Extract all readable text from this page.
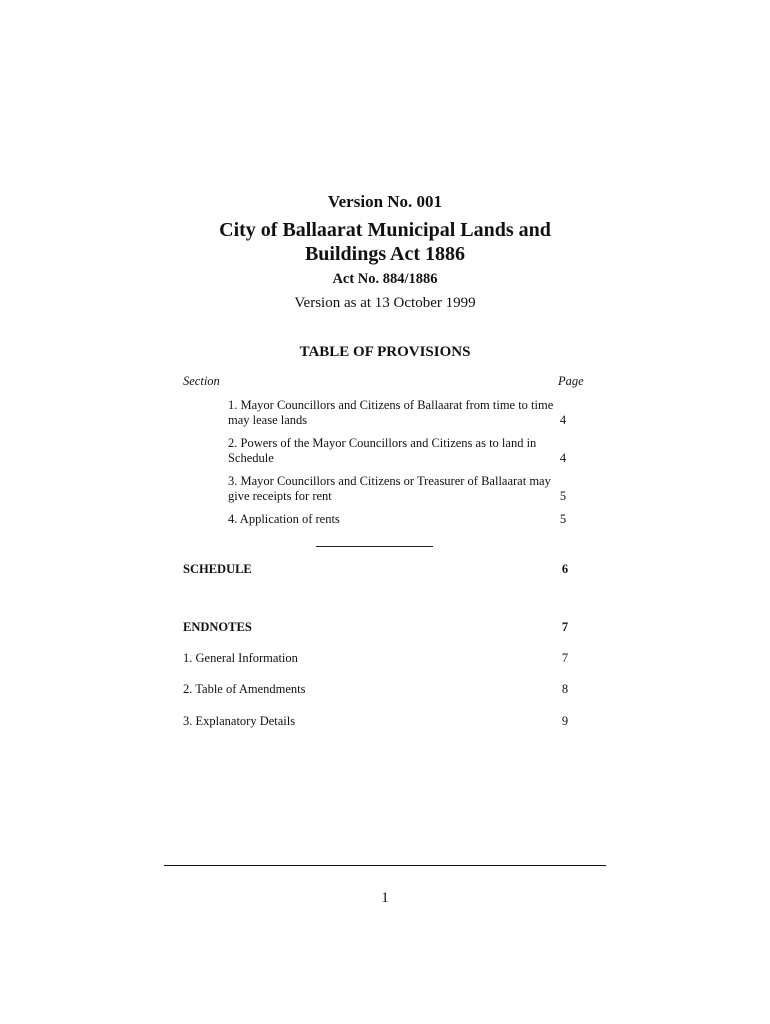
Version No. 001
City of Ballaarat Municipal Lands and
Buildings Act 1886
Act No. 884/1886
Version as at 13 October 1999
TABLE OF PROVISIONS
Section	Page
1. Mayor Councillors and Citizens of Ballaarat from time to time may lease lands	4
2. Powers of the Mayor Councillors and Citizens as to land in Schedule	4
3. Mayor Councillors and Citizens or Treasurer of Ballaarat may give receipts for rent	5
4. Application of rents	5
SCHEDULE	6
ENDNOTES	7
1. General Information	7
2. Table of Amendments	8
3. Explanatory Details	9
1
